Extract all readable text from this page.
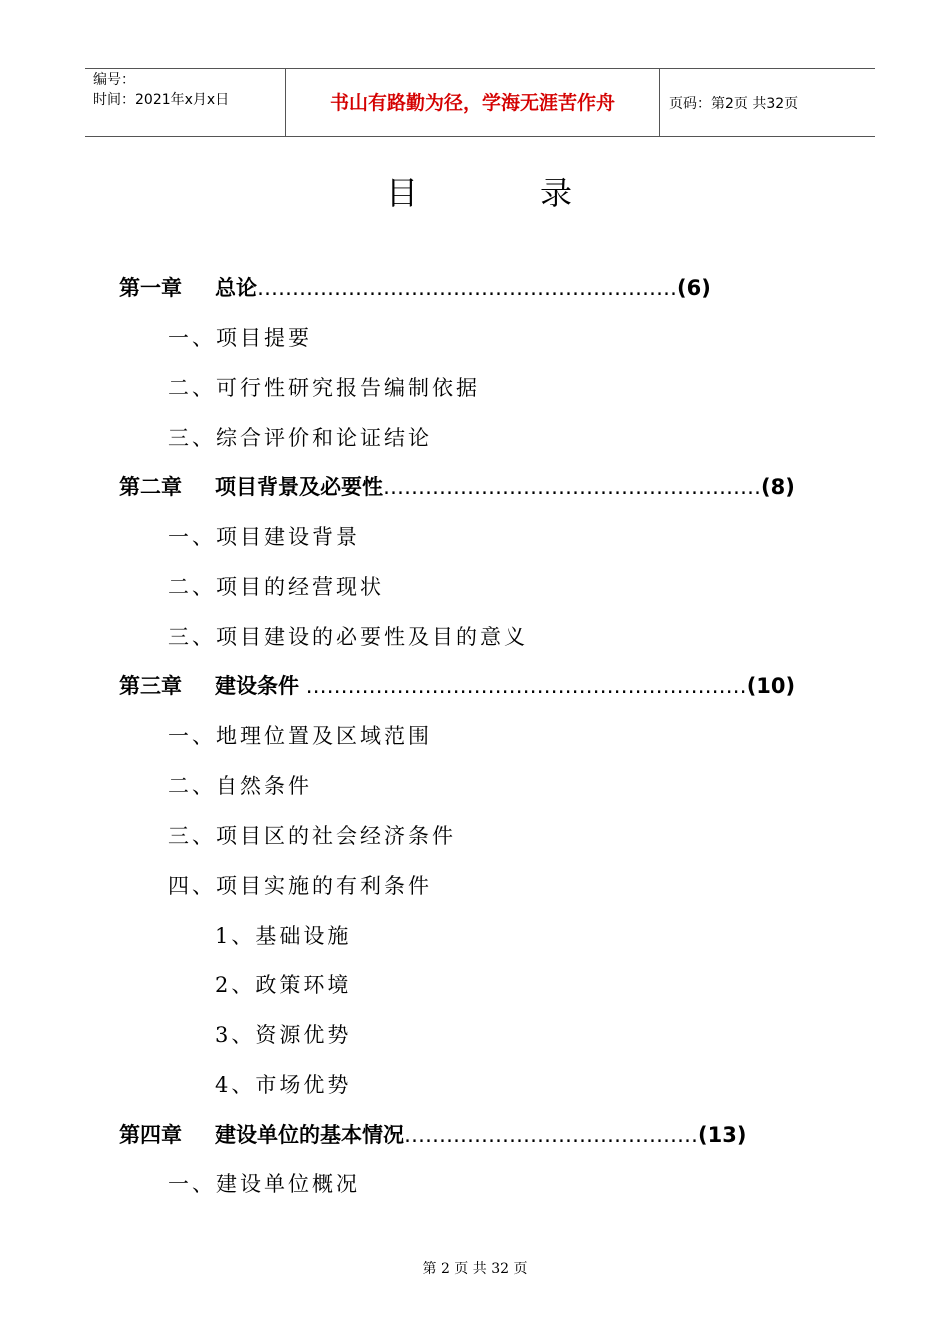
编号：
时间：2021年x月x日	书山有路勤为径，学海无涯苦作舟	页码：第2页 共32页
目	录
第一章 总论……………………………………………………(6)
一、项目提要
二、可行性研究报告编制依据
三、综合评价和论证结论
第二章 项目背景及必要性………………………………………………(8)
一、项目建设背景
二、项目的经营现状
三、项目建设的必要性及目的意义
第三章 建设条件 ………………………………………………………(10)
一、地理位置及区域范围
二、自然条件
三、项目区的社会经济条件
四、项目实施的有利条件
1、基础设施
2、政策环境
3、资源优势
4、市场优势
第四章 建设单位的基本情况……………………………………(13)
一、建设单位概况
第 2 页 共 32 页
